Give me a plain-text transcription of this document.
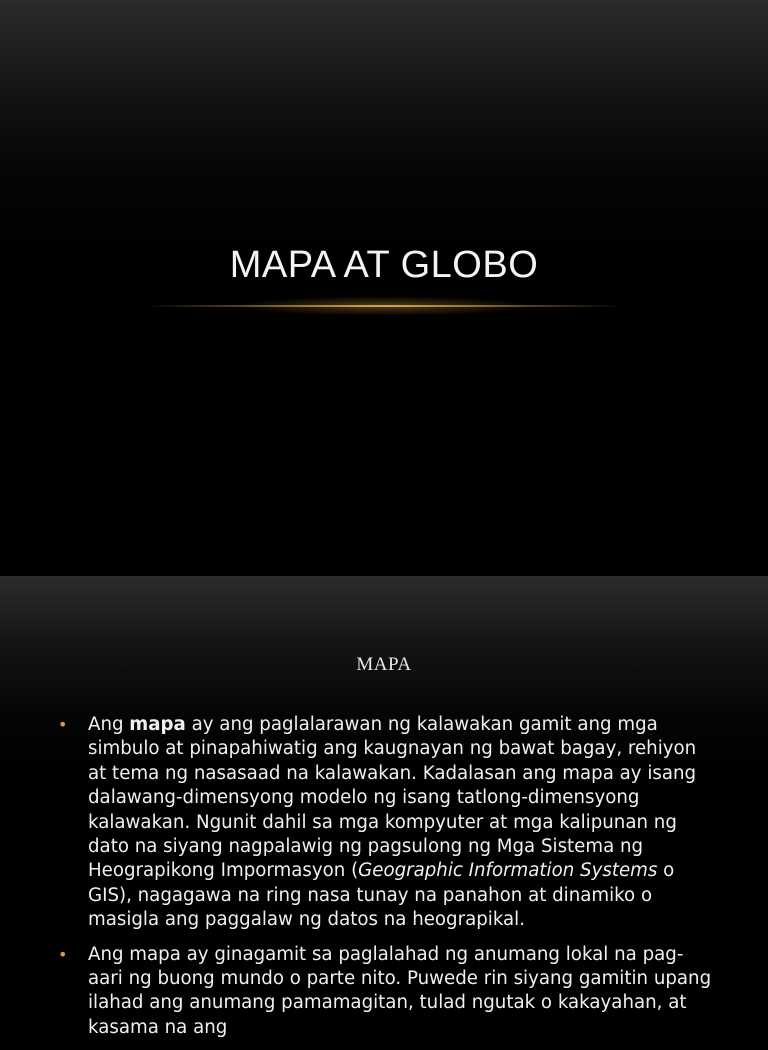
MAPA AT GLOBO
MAPA
• Ang mapa ay ang paglalarawan ng kalawakan gamit ang mga simbulo at pinapahiwatig ang kaugnayan ng bawat bagay, rehiyon at tema ng nasasaad na kalawakan. Kadalasan ang mapa ay isang dalawang-dimensyong modelo ng isang tatlong-dimensyong kalawakan. Ngunit dahil sa mga kompyuter at mga kalipunan ng dato na siyang nagpalawig ng pagsulong ng Mga Sistema ng Heograpikong Impormasyon (Geographic Information Systems o GIS), nagagawa na ring nasa tunay na panahon at dinamiko o masigla ang paggalaw ng datos na heograpikal.
• Ang mapa ay ginagamit sa paglalahad ng anumang lokal na pag-aari ng buong mundo o parte nito. Puwede rin siyang gamitin upang ilahad ang anumang pamamagitan, tulad ngutak o kakayahan, at kasama na ang
